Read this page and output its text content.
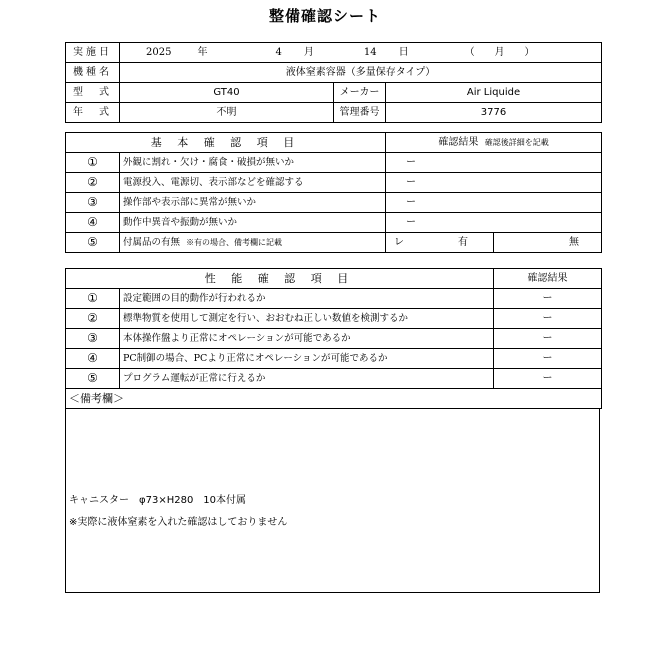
整備確認シート
実施日	2025 年 4 月 14 日 （　　月　　）		
機種名	液体窒素容器（多量保存タイプ）		
型　式	GT40	メーカー	Air Liquide
年　式	不明	管理番号	3776
基 本 確 認 項 目		確認結果 確認後詳細を記載	
①	外観に割れ・欠け・腐食・破損が無いか	ー	
②	電源投入、電源切、表示部などを確認する	ー	
③	操作部や表示部に異常が無いか	ー	
④	動作中異音や振動が無いか	ー	
⑤	付属品の有無 ※有の場合、備考欄に記載	レ 有	無
性 能 確 認 項 目		確認結果
①	設定範囲の目的動作が行われるか	ー
②	標準物質を使用して測定を行い、おおむね正しい数値を検測するか	ー
③	本体操作盤より正常にオペレーションが可能であるか	ー
④	PC制御の場合、PCより正常にオペレーションが可能であるか	ー
⑤	プログラム運転が正常に行えるか	ー
＜備考欄＞		
キャニスター　φ73×H280　10本付属
※実際に液体窒素を入れた確認はしておりません
